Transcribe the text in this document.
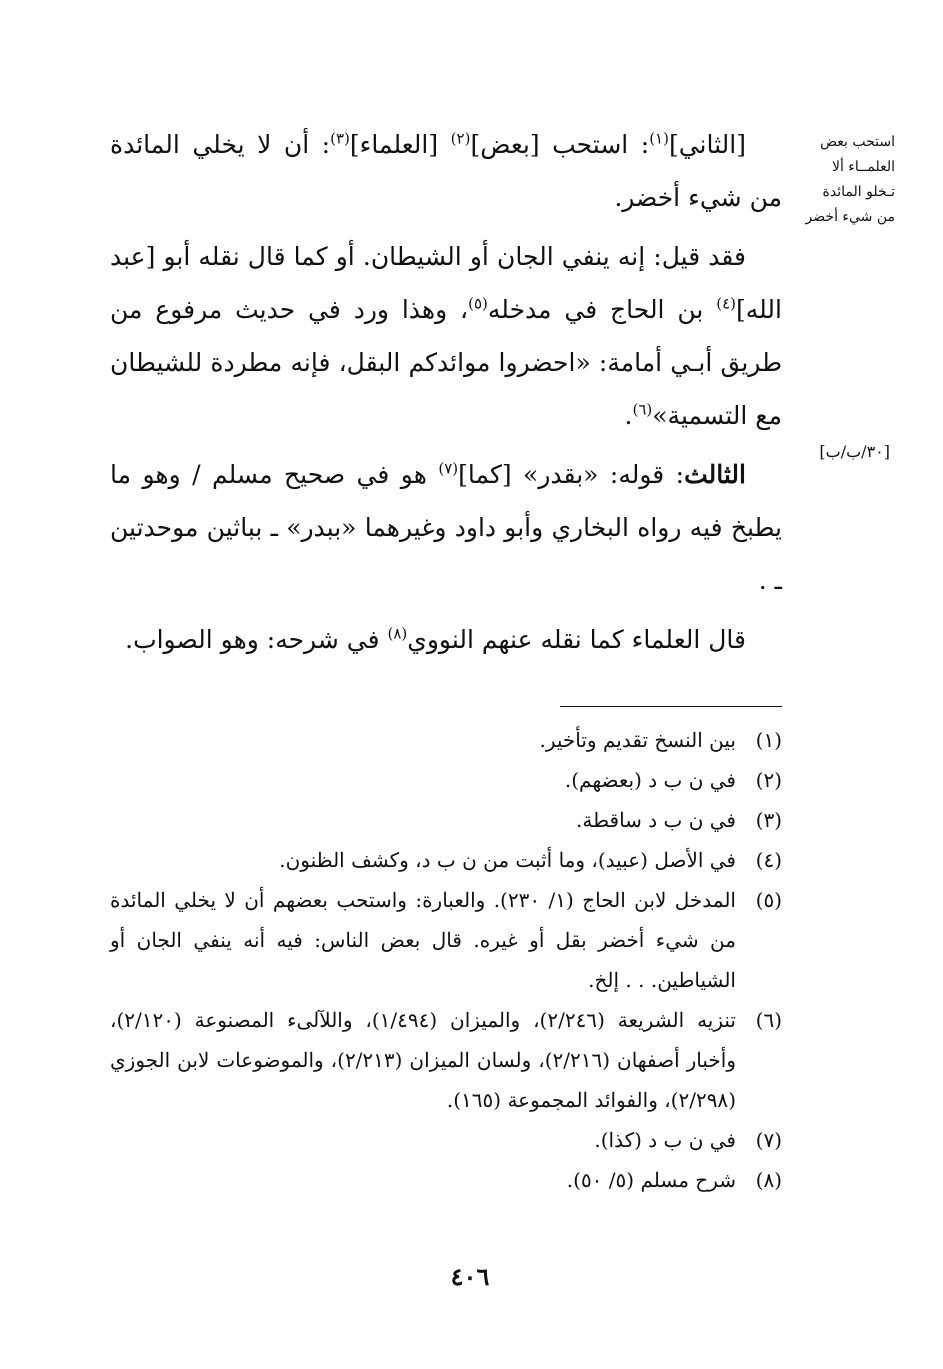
استحب بعض العلمــاء ألا تـخلو المائدة من شيء أخضر
[٣٠/ب/ب]

[الثاني]$^{(١)}$: استحب [بعض]$^{(٢)}$ [العلماء]$^{(٣)}$: أن لا يخلي المائدة من شيء أخضر.

فقد قيل: إنه ينفي الجان أو الشيطان. أو كما قال نقله أبو [عبد الله]$^{(٤)}$ بن الحاج في مدخله$^{(٥)}$، وهذا ورد في حديث مرفوع من طريق أبـي أمامة: «احضروا موائدكم البقل، فإنه مطردة للشيطان مع التسمية»$^{(٦)}$.

الثالث: قوله: «بقدر» [كما]$^{(٧)}$ هو في صحيح مسلم / وهو ما يطبخ فيه رواه البخاري وأبو داود وغيرهما «ببدر» ـ بباثين موحدتين ـ .

قال العلماء كما نقله عنهم النووي$^{(٨)}$ في شرحه: وهو الصواب.

(١)
بين النسخ تقديم وتأخير.
(٢)
في ن ب د (بعضهم).
(٣)
في ن ب د ساقطة.
(٤)
في الأصل (عبيد)، وما أثبت من ن ب د، وكشف الظنون.
(٥)
المدخل لابن الحاج (١/ ٢٣٠). والعبارة: واستحب بعضهم أن لا يخلي المائدة من شيء أخضر بقل أو غيره. قال بعض الناس: فيه أنه ينفي الجان أو الشياطين. . . إلخ.
(٦)
تنزيه الشريعة (٢/٢٤٦)، والميزان (١/٤٩٤)، واللآلىء المصنوعة (٢/١٢٠)، وأخبار أصفهان (٢/٢١٦)، ولسان الميزان (٢/٢١٣)، والموضوعات لابن الجوزي (٢/٢٩٨)، والفوائد المجموعة (١٦٥).
(٧)
في ن ب د (كذا).
(٨)
شرح مسلم (٥/ ٥٠).
٤٠٦
